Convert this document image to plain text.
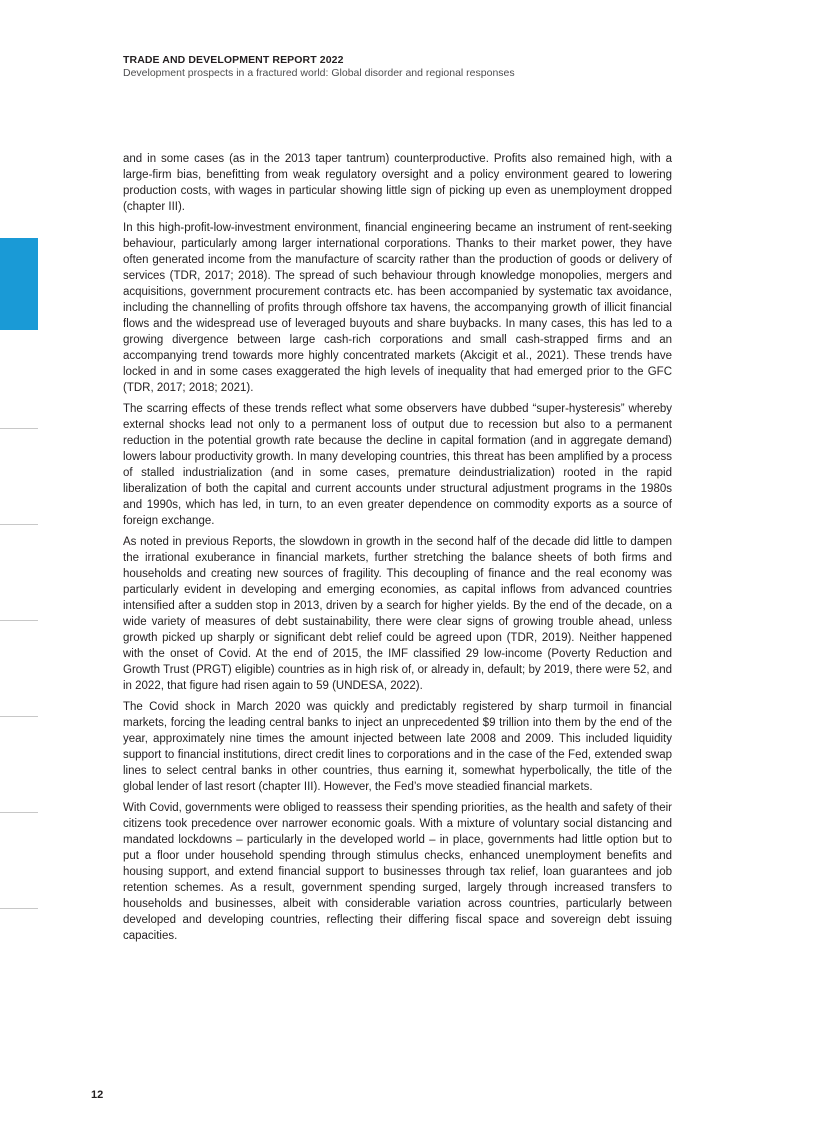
TRADE AND DEVELOPMENT REPORT 2022
Development prospects in a fractured world: Global disorder and regional responses

and in some cases (as in the 2013 taper tantrum) counterproductive. Profits also remained high, with a large-firm bias, benefitting from weak regulatory oversight and a policy environment geared to lowering production costs, with wages in particular showing little sign of picking up even as unemployment dropped (chapter III).

In this high-profit-low-investment environment, financial engineering became an instrument of rent-seeking behaviour, particularly among larger international corporations. Thanks to their market power, they have often generated income from the manufacture of scarcity rather than the production of goods or delivery of services (TDR, 2017; 2018). The spread of such behaviour through knowledge monopolies, mergers and acquisitions, government procurement contracts etc. has been accompanied by systematic tax avoidance, including the channelling of profits through offshore tax havens, the accompanying growth of illicit financial flows and the widespread use of leveraged buyouts and share buybacks. In many cases, this has led to a growing divergence between large cash-rich corporations and small cash-strapped firms and an accompanying trend towards more highly concentrated markets (Akcigit et al., 2021). These trends have locked in and in some cases exaggerated the high levels of inequality that had emerged prior to the GFC (TDR, 2017; 2018; 2021).

The scarring effects of these trends reflect what some observers have dubbed “super-hysteresis” whereby external shocks lead not only to a permanent loss of output due to recession but also to a permanent reduction in the potential growth rate because the decline in capital formation (and in aggregate demand) lowers labour productivity growth. In many developing countries, this threat has been amplified by a process of stalled industrialization (and in some cases, premature deindustrialization) rooted in the rapid liberalization of both the capital and current accounts under structural adjustment programs in the 1980s and 1990s, which has led, in turn, to an even greater dependence on commodity exports as a source of foreign exchange.

As noted in previous Reports, the slowdown in growth in the second half of the decade did little to dampen the irrational exuberance in financial markets, further stretching the balance sheets of both firms and households and creating new sources of fragility. This decoupling of finance and the real economy was particularly evident in developing and emerging economies, as capital inflows from advanced countries intensified after a sudden stop in 2013, driven by a search for higher yields. By the end of the decade, on a wide variety of measures of debt sustainability, there were clear signs of growing trouble ahead, unless growth picked up sharply or significant debt relief could be agreed upon (TDR, 2019). Neither happened with the onset of Covid. At the end of 2015, the IMF classified 29 low-income (Poverty Reduction and Growth Trust (PRGT) eligible) countries as in high risk of, or already in, default; by 2019, there were 52, and in 2022, that figure had risen again to 59 (UNDESA, 2022).

The Covid shock in March 2020 was quickly and predictably registered by sharp turmoil in financial markets, forcing the leading central banks to inject an unprecedented $9 trillion into them by the end of the year, approximately nine times the amount injected between late 2008 and 2009. This included liquidity support to financial institutions, direct credit lines to corporations and in the case of the Fed, extended swap lines to select central banks in other countries, thus earning it, somewhat hyperbolically, the title of the global lender of last resort (chapter III). However, the Fed’s move steadied financial markets.

With Covid, governments were obliged to reassess their spending priorities, as the health and safety of their citizens took precedence over narrower economic goals. With a mixture of voluntary social distancing and mandated lockdowns – particularly in the developed world – in place, governments had little option but to put a floor under household spending through stimulus checks, enhanced unemployment benefits and housing support, and extend financial support to businesses through tax relief, loan guarantees and job retention schemes. As a result, government spending surged, largely through increased transfers to households and businesses, albeit with considerable variation across countries, particularly between developed and developing countries, reflecting their differing fiscal space and sovereign debt issuing capacities.

12
